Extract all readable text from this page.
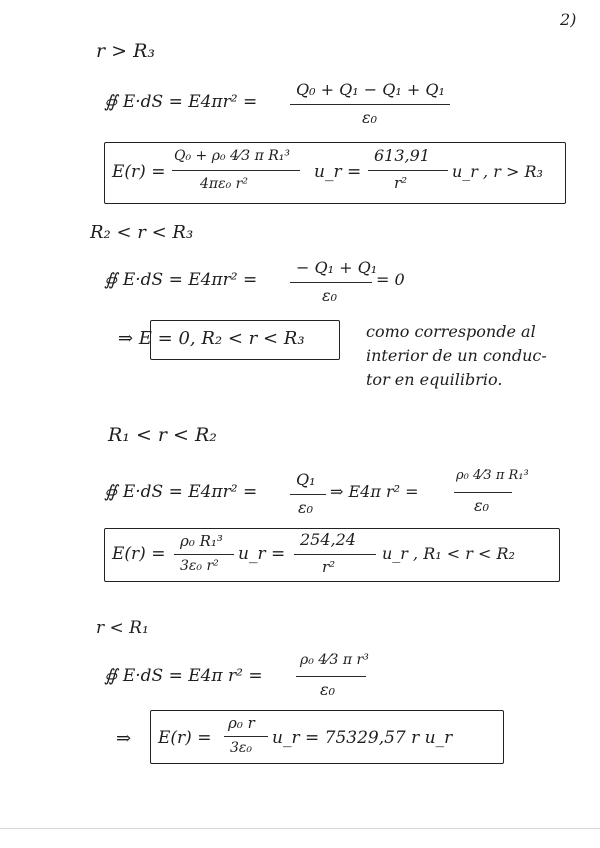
2)
r > R₃
∯ E·dS = E4πr² =
Q₀ + Q₁ − Q₁ + Q₁
ε₀
E(r) =
Q₀ + ρ₀ 4⁄3 π R₁³
4πε₀ r²
u_r =
613,91
r²
u_r , r > R₃
R₂ < r < R₃
∯ E·dS = E4πr² =
− Q₁ + Q₁
ε₀
= 0
⇒ E = 0, R₂ < r < R₃	como corresponde al
interior de un conduc-
tor en equilibrio.
R₁ < r < R₂
∯ E·dS = E4πr² =
Q₁
ε₀
⇒ E4π r² =
ρ₀ 4⁄3 π R₁³
ε₀
E(r) =
ρ₀ R₁³
3ε₀ r²
u_r =
254,24
r²
u_r , R₁ < r < R₂
r < R₁
∯ E·dS = E4π r² =
ρ₀ 4⁄3 π r³
ε₀
⇒ E(r) =
ρ₀ r
3ε₀ u_r = 75329,57 r u_r
